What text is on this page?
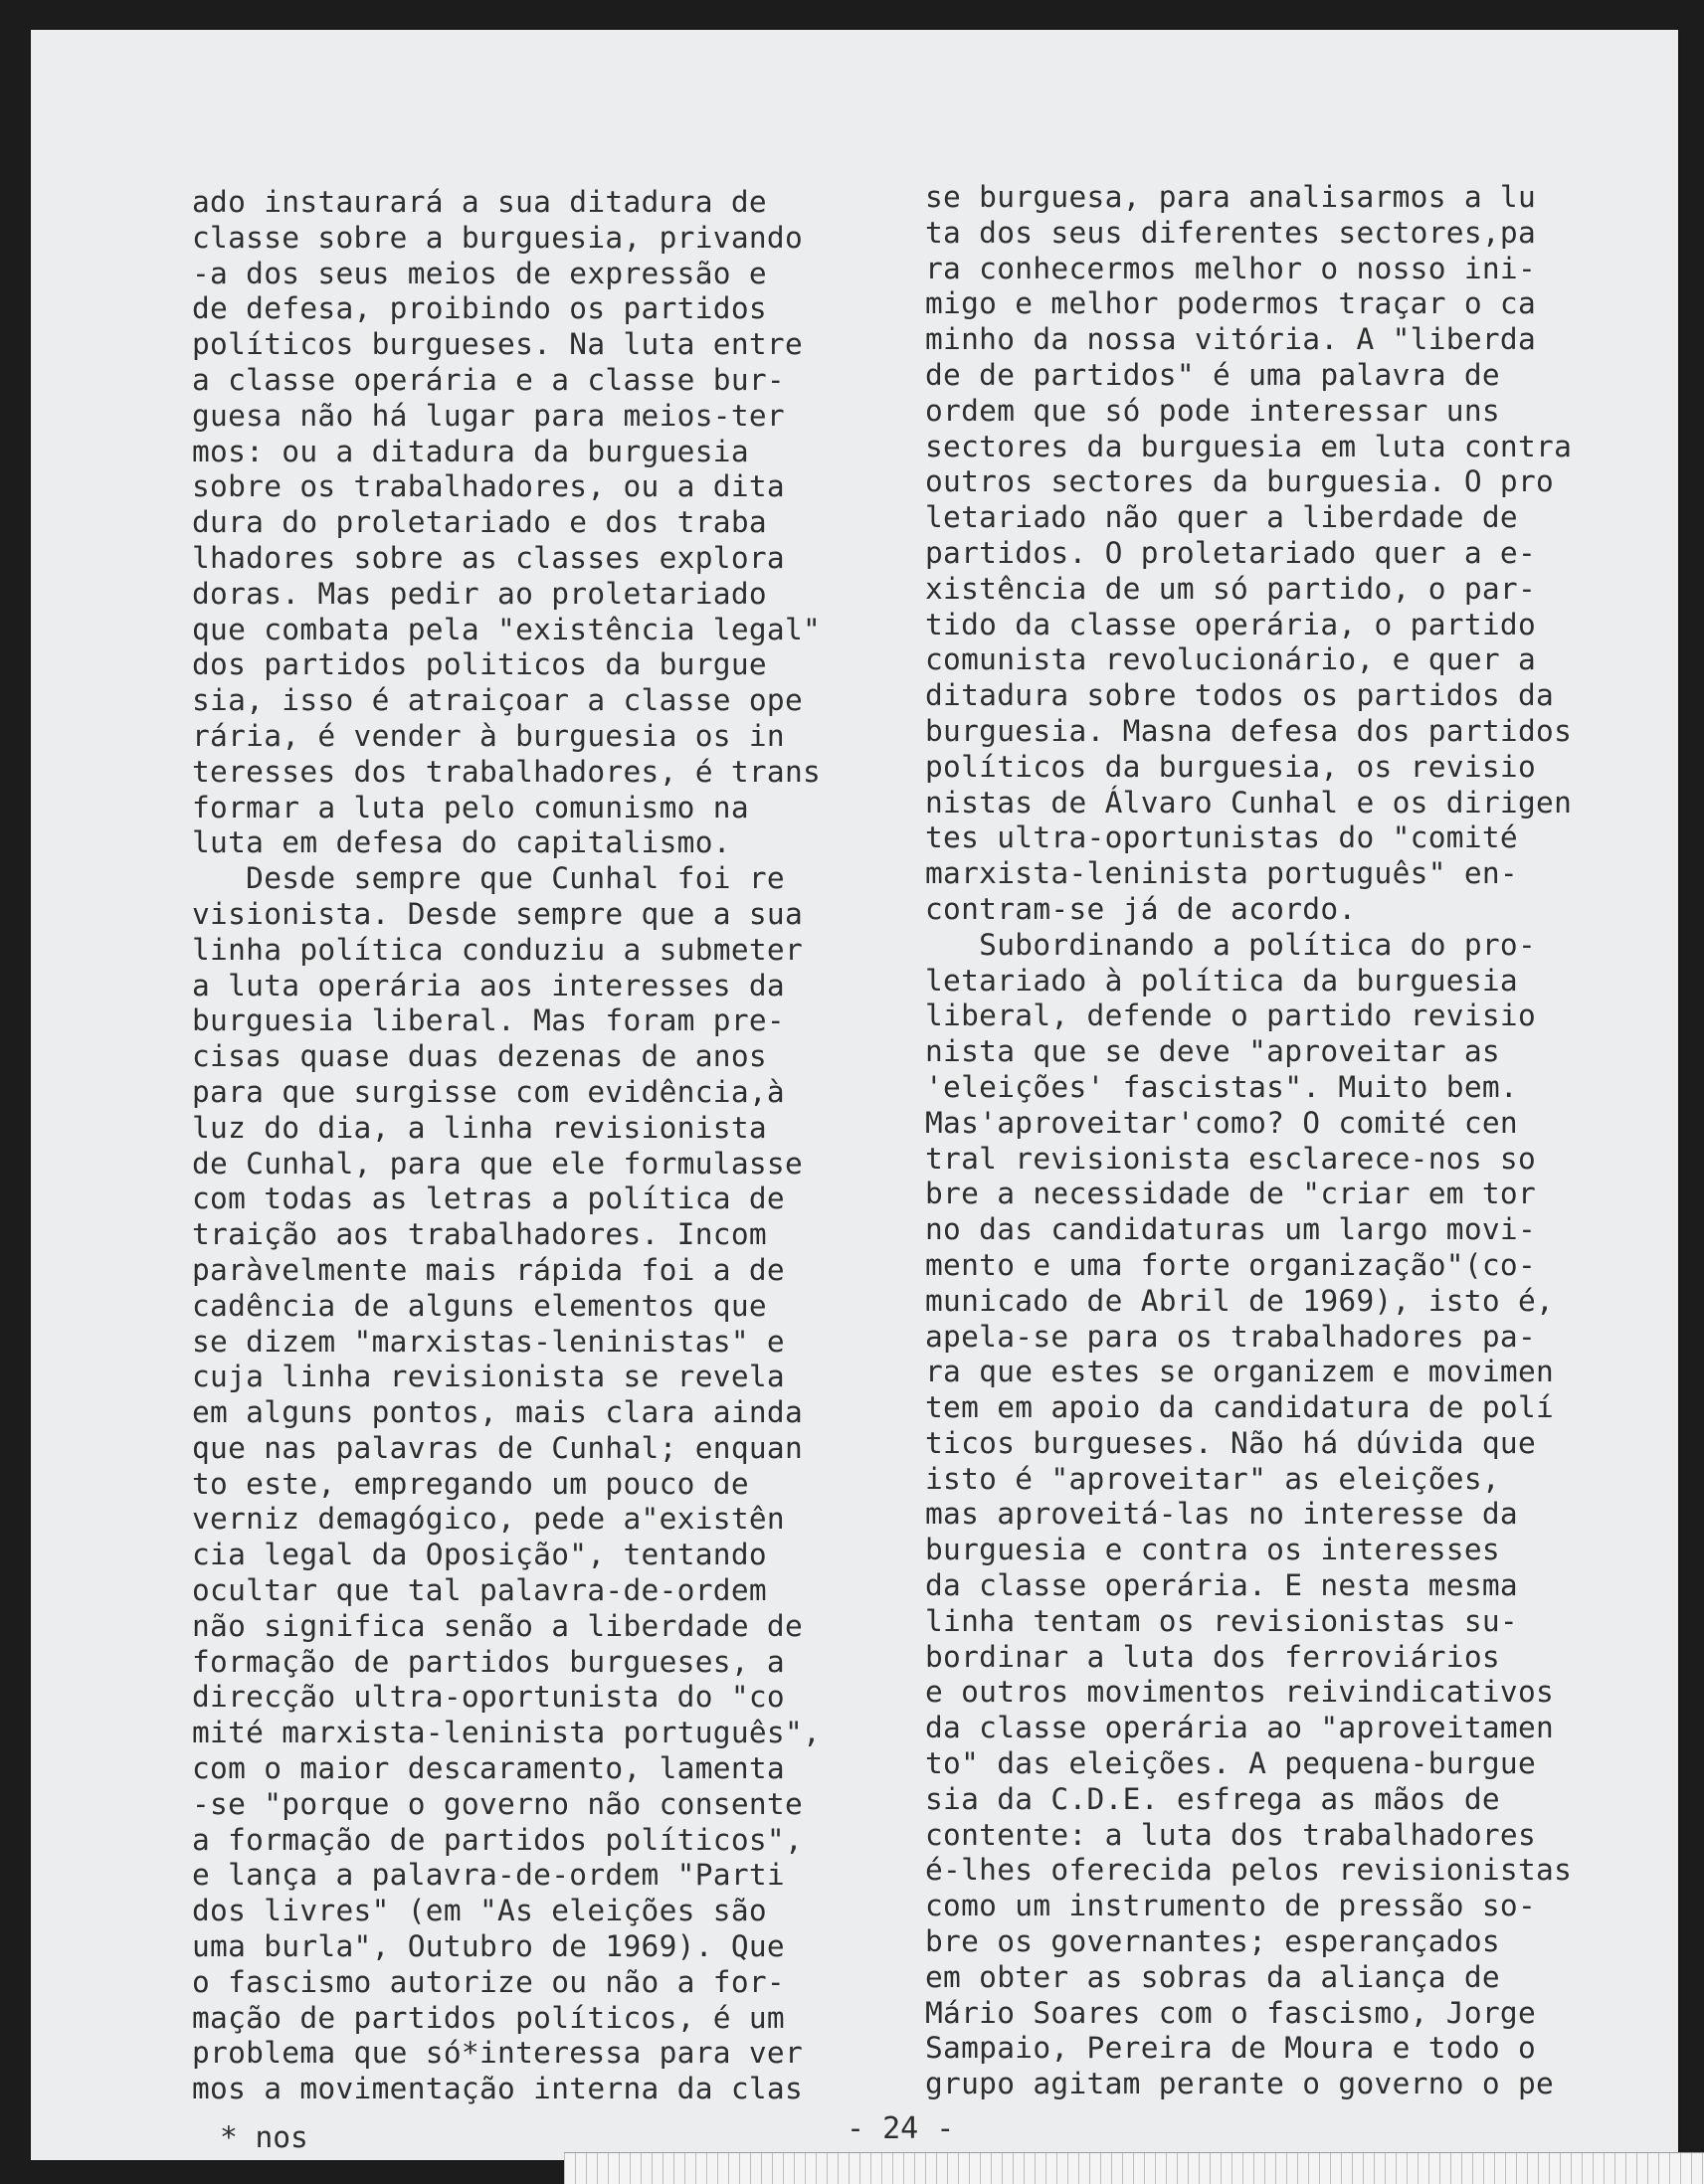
ado instaurará a sua ditadura de
classe sobre a burguesia, privando
-a dos seus meios de expressão e
de defesa, proibindo os partidos
políticos burgueses. Na luta entre
a classe operária e a classe bur-
guesa não há lugar para meios-ter
mos: ou a ditadura da burguesia
sobre os trabalhadores, ou a dita
dura do proletariado e dos traba
lhadores sobre as classes explora
doras. Mas pedir ao proletariado
que combata pela "existência legal"
dos partidos politicos da burgue
sia, isso é atraiçoar a classe ope
rária, é vender à burguesia os in
teresses dos trabalhadores, é trans
formar a luta pelo comunismo na
luta em defesa do capitalismo.
Desde sempre que Cunhal foi re
visionista. Desde sempre que a sua
linha política conduziu a submeter
a luta operária aos interesses da
burguesia liberal. Mas foram pre-
cisas quase duas dezenas de anos
para que surgisse com evidência,à
luz do dia, a linha revisionista
de Cunhal, para que ele formulasse
com todas as letras a política de
traição aos trabalhadores. Incom
paràvelmente mais rápida foi a de
cadência de alguns elementos que
se dizem "marxistas-leninistas" e
cuja linha revisionista se revela
em alguns pontos, mais clara ainda
que nas palavras de Cunhal; enquan
to este, empregando um pouco de
verniz demagógico, pede a"existên
cia legal da Oposição", tentando
ocultar que tal palavra-de-ordem
não significa senão a liberdade de
formação de partidos burgueses, a
direcção ultra-oportunista do "co
mité marxista-leninista português",
com o maior descaramento, lamenta
-se "porque o governo não consente
a formação de partidos políticos",
e lança a palavra-de-ordem "Parti
dos livres" (em "As eleições são
uma burla", Outubro de 1969). Que
o fascismo autorize ou não a for-
mação de partidos políticos, é um
problema que só*interessa para ver
mos a movimentação interna da clas
se burguesa, para analisarmos a lu
ta dos seus diferentes sectores,pa
ra conhecermos melhor o nosso ini-
migo e melhor podermos traçar o ca
minho da nossa vitória. A "liberda
de de partidos" é uma palavra de
ordem que só pode interessar uns
sectores da burguesia em luta contra
outros sectores da burguesia. O pro
letariado não quer a liberdade de
partidos. O proletariado quer a e-
xistência de um só partido, o par-
tido da classe operária, o partido
comunista revolucionário, e quer a
ditadura sobre todos os partidos da
burguesia. Masna defesa dos partidos
políticos da burguesia, os revisio
nistas de Álvaro Cunhal e os dirigen
tes ultra-oportunistas do "comité
marxista-leninista português" en-
contram-se já de acordo.
Subordinando a política do pro-
letariado à política da burguesia
liberal, defende o partido revisio
nista que se deve "aproveitar as
'eleições' fascistas". Muito bem.
Mas'aproveitar'como? O comité cen
tral revisionista esclarece-nos so
bre a necessidade de "criar em tor
no das candidaturas um largo movi-
mento e uma forte organização"(co-
municado de Abril de 1969), isto é,
apela-se para os trabalhadores pa-
ra que estes se organizem e movimen
tem em apoio da candidatura de polí
ticos burgueses. Não há dúvida que
isto é "aproveitar" as eleições,
mas aproveitá-las no interesse da
burguesia e contra os interesses
da classe operária. E nesta mesma
linha tentam os revisionistas su-
bordinar a luta dos ferroviários
e outros movimentos reivindicativos
da classe operária ao "aproveitamen
to" das eleições. A pequena-burgue
sia da C.D.E. esfrega as mãos de
contente: a luta dos trabalhadores
é-lhes oferecida pelos revisionistas
como um instrumento de pressão so-
bre os governantes; esperançados
em obter as sobras da aliança de
Mário Soares com o fascismo, Jorge
Sampaio, Pereira de Moura e todo o
grupo agitam perante o governo o pe
* nos	- 24 -
